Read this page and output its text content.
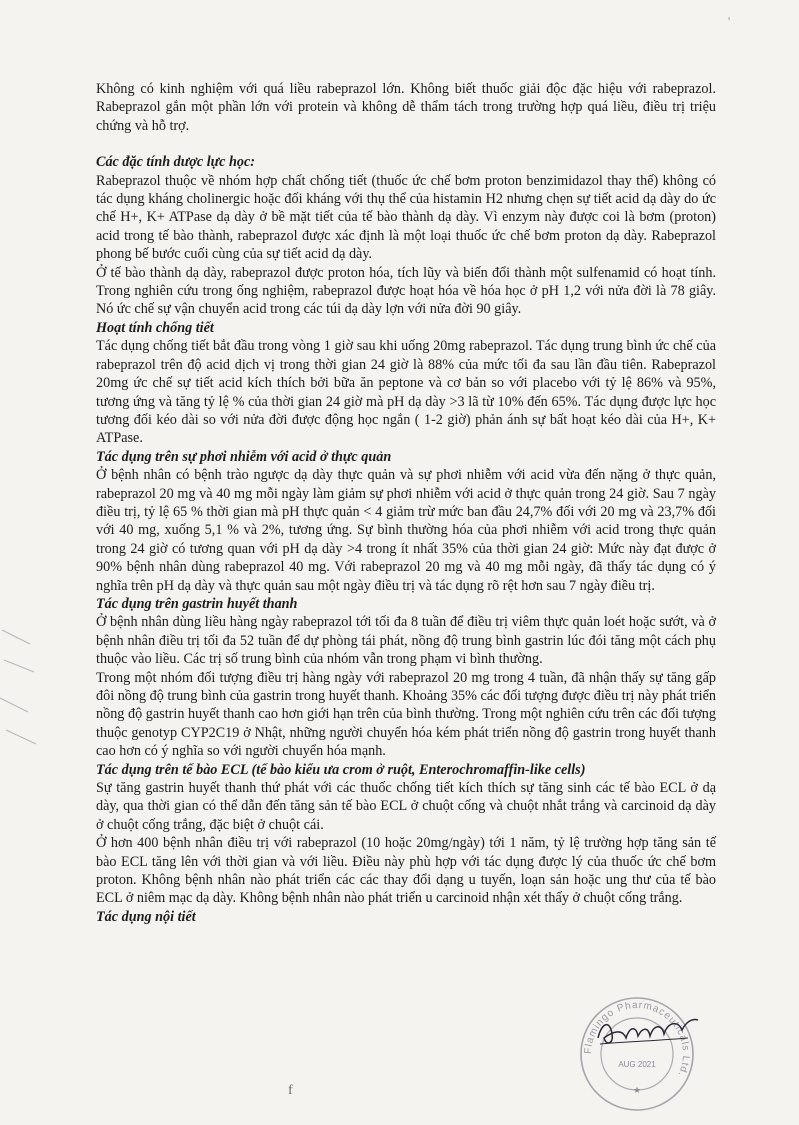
'

Không có kinh nghiệm với quá liều rabeprazol lớn. Không biết thuốc giải độc đặc hiệu với rabeprazol. Rabeprazol gắn một phần lớn với protein và không dễ thẩm tách trong trường hợp quá liều, điều trị triệu chứng và hỗ trợ.

Các đặc tính dược lực học:

Rabeprazol thuộc về nhóm hợp chất chống tiết (thuốc ức chế bơm proton benzimidazol thay thế) không có tác dụng kháng cholinergic hoặc đối kháng với thụ thể của histamin H2 nhưng chẹn sự tiết acid dạ dày do ức chế H+, K+ ATPase dạ dày ở bề mặt tiết của tế bào thành dạ dày. Vì enzym này được coi là bơm (proton) acid trong tế bào thành, rabeprazol được xác định là một loại thuốc ức chế bơm proton dạ dày. Rabeprazol phong bế bước cuối cùng của sự tiết acid dạ dày.

Ở tế bào thành dạ dày, rabeprazol được proton hóa, tích lũy và biến đổi thành một sulfenamid có hoạt tính. Trong nghiên cứu trong ống nghiệm, rabeprazol được hoạt hóa về hóa học ở pH 1,2 với nửa đời là 78 giây. Nó ức chế sự vận chuyển acid trong các túi dạ dày lợn với nửa đời 90 giây.

Hoạt tính chống tiết

Tác dụng chống tiết bắt đầu trong vòng 1 giờ sau khi uống 20mg rabeprazol. Tác dụng trung bình ức chế của rabeprazol trên độ acid dịch vị trong thời gian 24 giờ là 88% của mức tối đa sau lần đầu tiên. Rabeprazol 20mg ức chế sự tiết acid kích thích bởi bữa ăn peptone và cơ bản so với placebo với tỷ lệ 86% và 95%, tương ứng và tăng tỷ lệ % của thời gian 24 giờ mà pH dạ dày >3 lã từ 10% đến 65%. Tác dụng được lực học tương đối kéo dài so với nửa đời được động học ngắn ( 1-2 giờ) phản ánh sự bất hoạt kéo dài của H+, K+ ATPase.

Tác dụng trên sự phơi nhiễm với acid ở thực quản

Ở bệnh nhân có bệnh trào ngược dạ dày thực quản và sự phơi nhiễm với acid vừa đến nặng ở thực quản, rabeprazol 20 mg và 40 mg mỗi ngày làm giảm sự phơi nhiễm với acid ở thực quản trong 24 giờ. Sau 7 ngày điều trị, tỷ lệ 65 % thời gian mà pH thực quản < 4 giảm trừ mức ban đầu 24,7% đối với 20 mg và 23,7% đối với 40 mg, xuống 5,1 % và 2%, tương ứng. Sự bình thường hóa của phơi nhiễm với acid trong thực quản trong 24 giờ có tương quan với pH dạ dày >4 trong ít nhất 35% của thời gian 24 giờ: Mức này đạt được ở 90% bệnh nhân dùng rabeprazol 40 mg. Với rabeprazol 20 mg và 40 mg mỗi ngày, đã thấy tác dụng có ý nghĩa trên pH dạ dày và thực quản sau một ngày điều trị và tác dụng rõ rệt hơn sau 7 ngày điều trị.

Tác dụng trên gastrin huyết thanh

Ở bệnh nhân dùng liều hàng ngày rabeprazol tới tối đa 8 tuần để điều trị viêm thực quản loét hoặc sướt, và ở bệnh nhân điều trị tối đa 52 tuần để dự phòng tái phát, nồng độ trung bình gastrin lúc đói tăng một cách phụ thuộc vào liều. Các trị số trung bình của nhóm vẫn trong phạm vi bình thường.

Trong một nhóm đối tượng điều trị hàng ngày với rabeprazol 20 mg trong 4 tuần, đã nhận thấy sự tăng gấp đôi nồng độ trung bình của gastrin trong huyết thanh. Khoảng 35% các đối tượng được điều trị này phát triển nồng độ gastrin huyết thanh cao hơn giới hạn trên của bình thường. Trong một nghiên cứu trên các đối tượng thuộc genotyp CYP2C19 ở Nhật, những người chuyển hóa kém phát triển nồng độ gastrin trong huyết thanh cao hơn có ý nghĩa so với người chuyển hóa mạnh.

Tác dụng trên tế bào ECL (tế bào kiểu ưa crom ở ruột, Enterochromaffin-like cells)

Sự tăng gastrin huyết thanh thứ phát với các thuốc chống tiết kích thích sự tăng sinh các tế bào ECL ở dạ dày, qua thời gian có thể dẫn đến tăng sản tế bào ECL ở chuột cống và chuột nhắt trắng và carcinoid dạ dày ở chuột cống trắng, đặc biệt ở chuột cái.

Ở hơn 400 bệnh nhân điều trị với rabeprazol (10 hoặc 20mg/ngày) tới 1 năm, tỷ lệ trường hợp tăng sản tế bào ECL tăng lên với thời gian và với liều. Điều này phù hợp với tác dụng được lý của thuốc ức chế bơm proton. Không bệnh nhân nào phát triển các các thay đổi dạng u tuyến, loạn sản hoặc ung thư của tế bào ECL ở niêm mạc dạ dày. Không bệnh nhân nào phát triển u carcinoid nhận xét thấy ở chuột cống trắng.

Tác dụng nội tiết

Flamingo Pharmaceuticals Ltd.
AUG 2021
★
f
